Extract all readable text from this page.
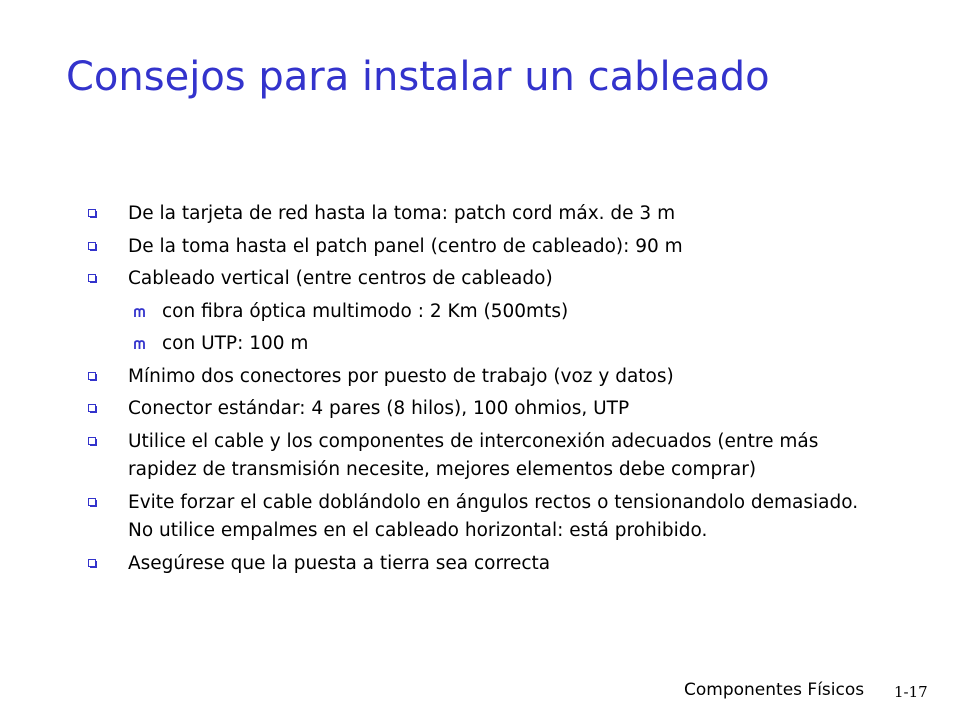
Consejos para instalar un cableado
De la tarjeta de red hasta la toma: patch cord máx. de 3 m
De la toma hasta el patch panel (centro de cableado): 90 m
Cableado vertical (entre centros de cableado)
con fibra óptica multimodo : 2 Km (500mts)
con UTP: 100 m
Mínimo dos conectores por puesto de trabajo (voz y datos)
Conector estándar: 4 pares (8 hilos), 100 ohmios, UTP
Utilice el cable y los componentes de interconexión adecuados (entre más rapidez de transmisión necesite, mejores elementos debe comprar)
Evite forzar el cable doblándolo en ángulos rectos o tensionandolo demasiado. No utilice empalmes en el cableado horizontal: está prohibido.
Asegúrese que la puesta a tierra sea correcta
Componentes Físicos 1-17
